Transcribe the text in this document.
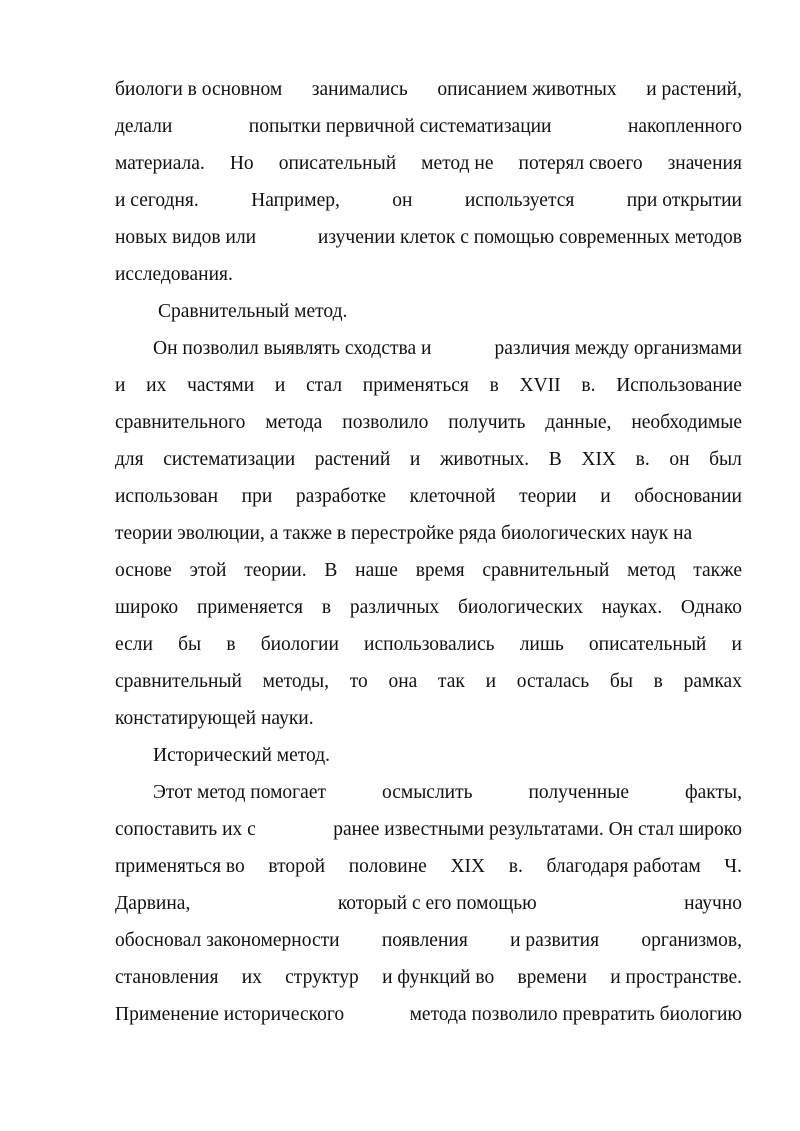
биологи в основном занимались описанием животных и растений,
делали	попытки первичной систематизации	накопленного
материала. Но описательный метод не потерял своего значения
и сегодня.	Например,	он	используется	при открытии
новых видов или	изучении клеток с помощью современных методов
исследования.
Сравнительный метод.
Он позволил выявлять сходства и	различия между организмами
и их частями и стал применяться в XVII в. Использование
сравнительного метода позволило получить данные, необходимые
для систематизации растений и животных. В XIX в. он был
использован при разработке клеточной теории и обосновании
теории эволюции, а также в перестройке ряда биологических наук на
основе этой теории. В наше время сравнительный метод также
широко применяется в различных биологических науках. Однако
если бы в биологии использовались лишь описательный и
сравнительный методы, то она так и осталась бы в рамках
констатирующей науки.
Исторический метод.
Этот метод помогает	осмыслить	полученные	факты,
сопоставить их с	ранее известными результатами. Он стал широко
применяться во второй половине XIX в. благодаря работам Ч.
Дарвина,	который с его помощью	научно
обосновал закономерности появления и развития организмов,
становления их структур и функций во времени и пространстве.
Применение исторического	метода позволило превратить биологию
